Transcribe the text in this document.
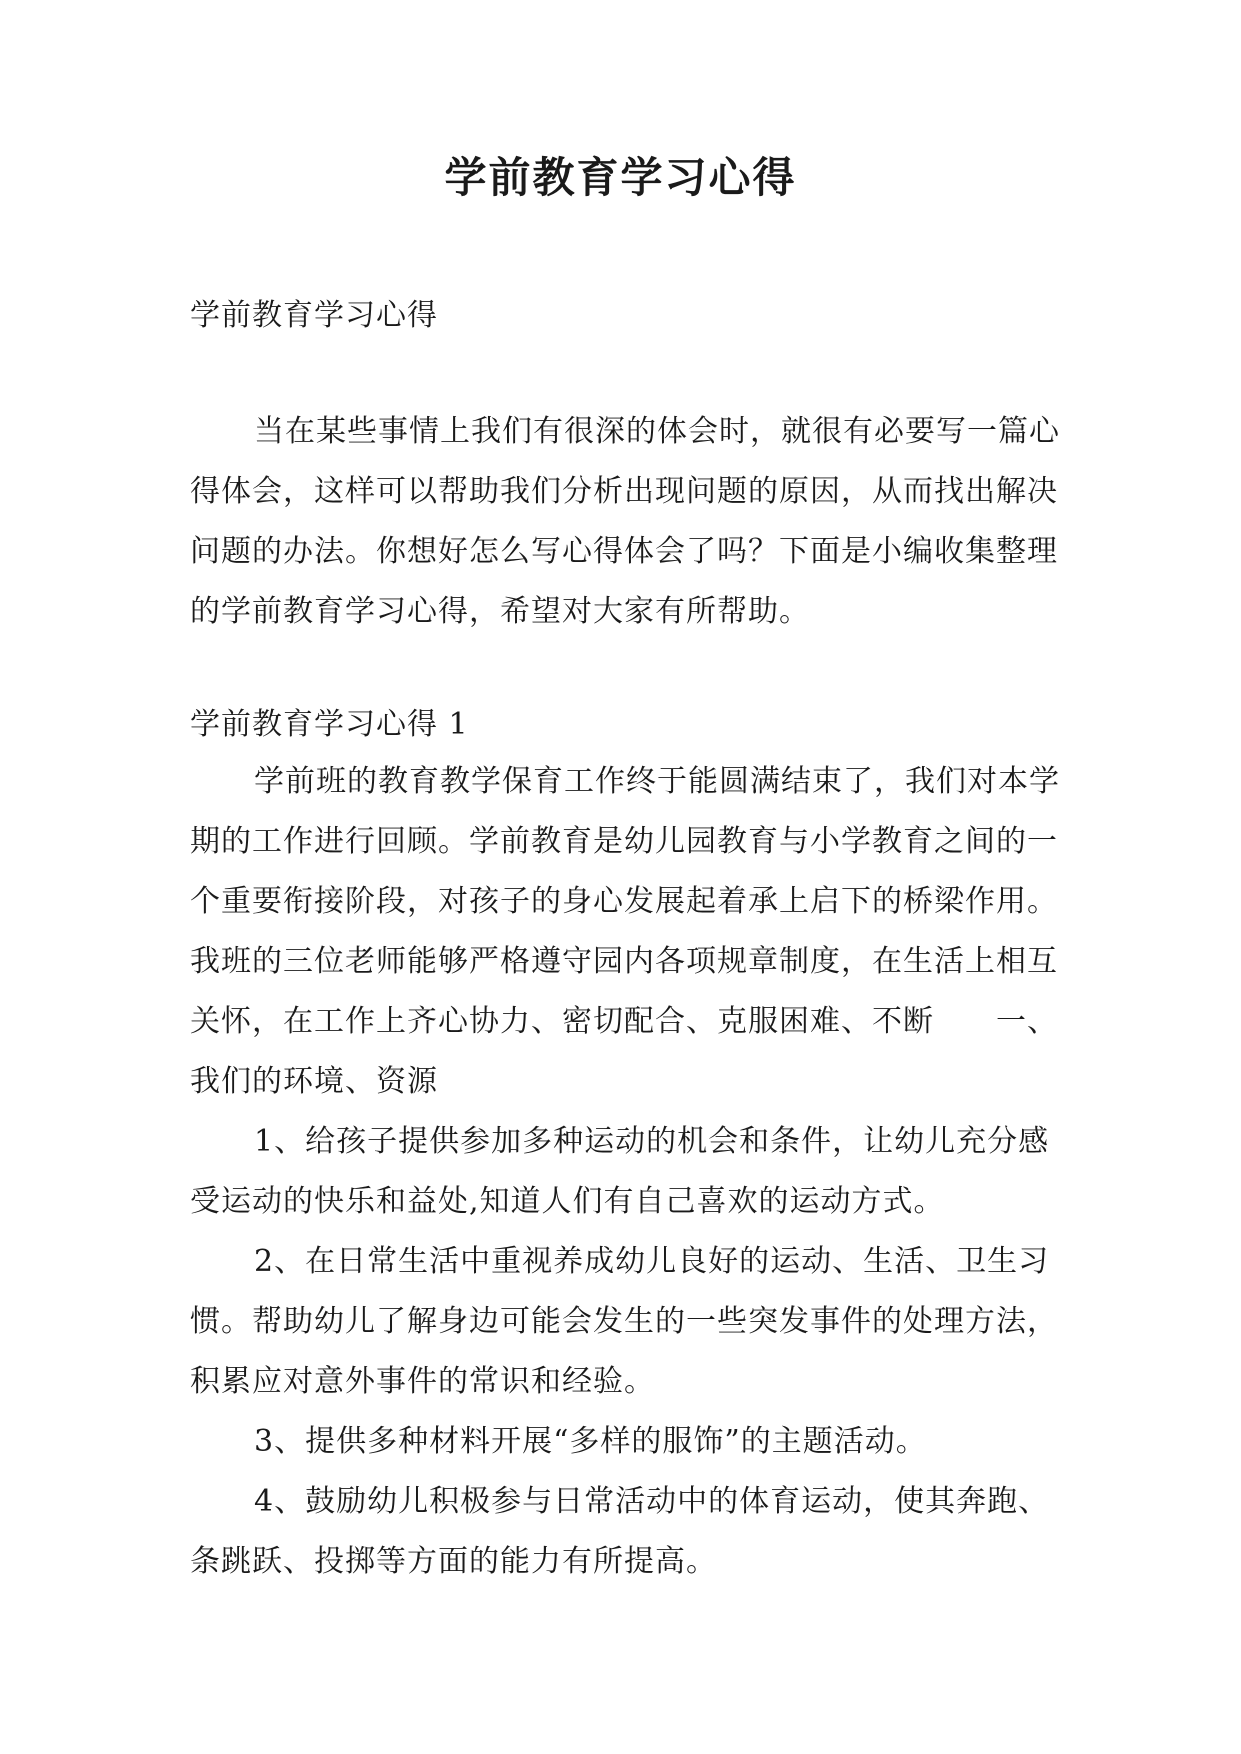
学前教育学习心得

学前教育学习心得

当在某些事情上我们有很深的体会时，就很有必要写一篇心得体会，这样可以帮助我们分析出现问题的原因，从而找出解决问题的办法。你想好怎么写心得体会了吗？下面是小编收集整理的学前教育学习心得，希望对大家有所帮助。

学前教育学习心得 1

学前班的教育教学保育工作终于能圆满结束了，我们对本学期的工作进行回顾。学前教育是幼儿园教育与小学教育之间的一个重要衔接阶段，对孩子的身心发展起着承上启下的桥梁作用。我班的三位老师能够严格遵守园内各项规章制度，在生活上相互关怀，在工作上齐心协力、密切配合、克服困难、不断　　一、我们的环境、资源

1、给孩子提供参加多种运动的机会和条件，让幼儿充分感受运动的快乐和益处,知道人们有自己喜欢的运动方式。

2、在日常生活中重视养成幼儿良好的运动、生活、卫生习惯。帮助幼儿了解身边可能会发生的一些突发事件的处理方法，积累应对意外事件的常识和经验。

3、提供多种材料开展“多样的服饰”的主题活动。

4、鼓励幼儿积极参与日常活动中的体育运动，使其奔跑、条跳跃、投掷等方面的能力有所提高。
